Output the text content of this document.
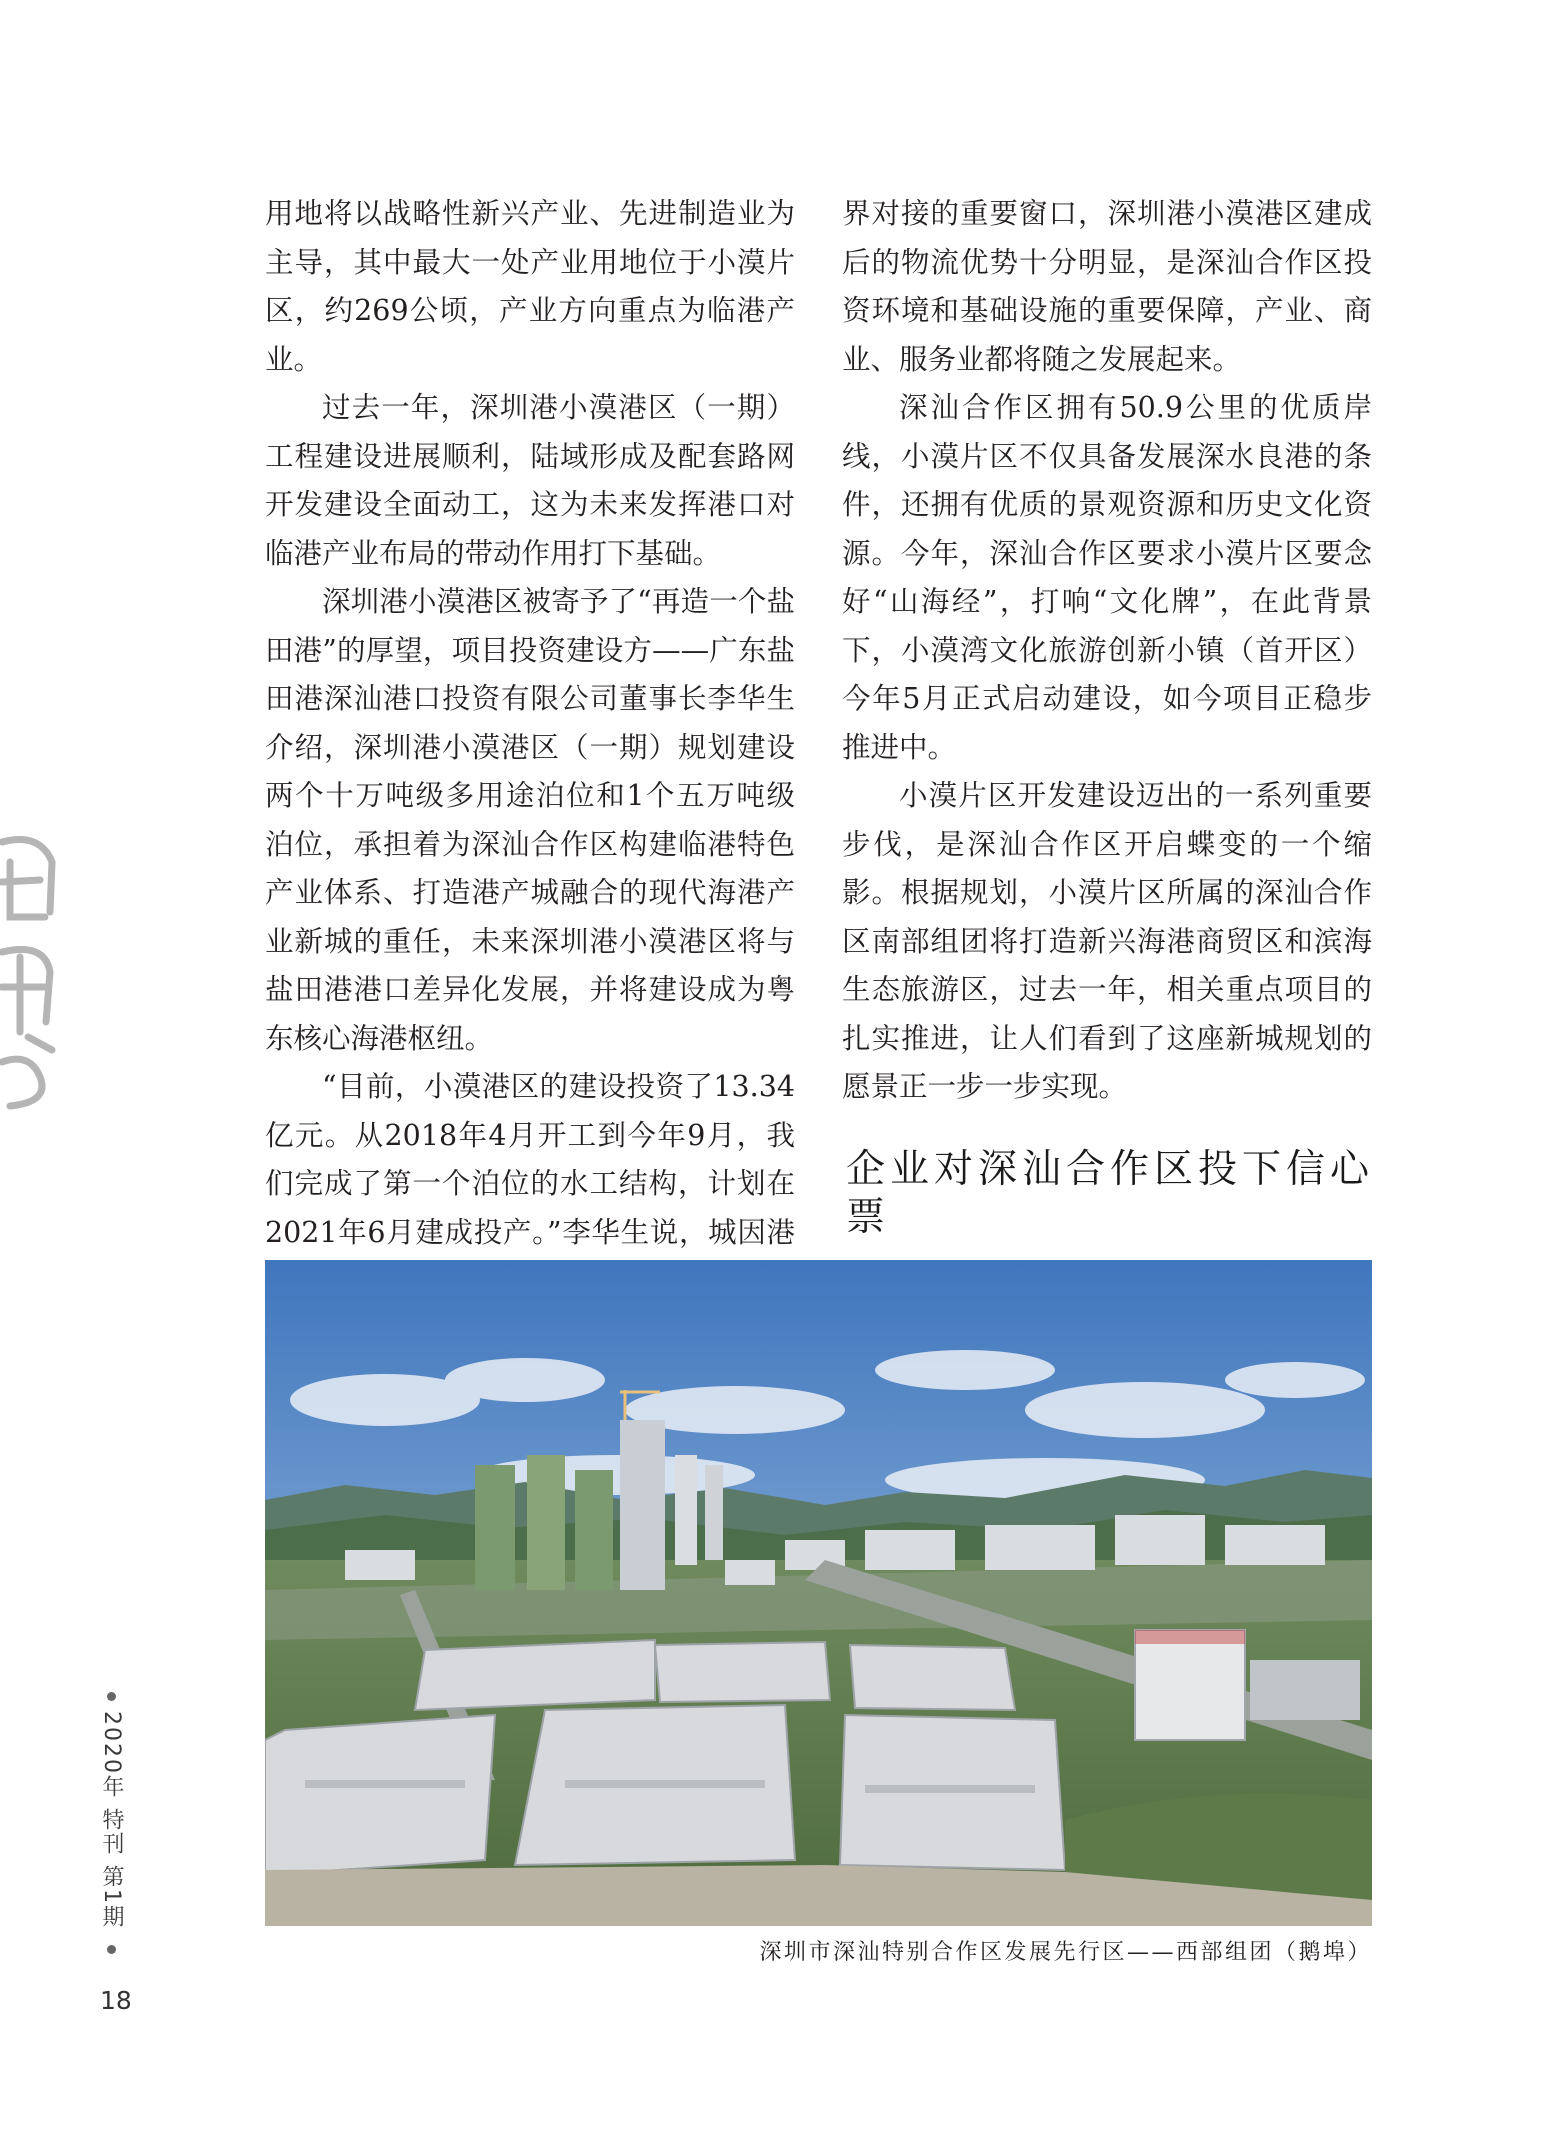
用地将以战略性新兴产业、先进制造业为主导，其中最大一处产业用地位于小漠片区，约269公顷，产业方向重点为临港产业。

过去一年，深圳港小漠港区（一期）工程建设进展顺利，陆域形成及配套路网开发建设全面动工，这为未来发挥港口对临港产业布局的带动作用打下基础。

深圳港小漠港区被寄予了“再造一个盐田港”的厚望，项目投资建设方——广东盐田港深汕港口投资有限公司董事长李华生介绍，深圳港小漠港区（一期）规划建设两个十万吨级多用途泊位和1个五万吨级泊位，承担着为深汕合作区构建临港特色产业体系、打造港产城融合的现代海港产业新城的重任，未来深圳港小漠港区将与盐田港港口差异化发展，并将建设成为粤东核心海港枢纽。

“目前，小漠港区的建设投资了13.34亿元。从2018年4月开工到今年9月，我们完成了第一个泊位的水工结构，计划在2021年6月建成投产。”李华生说，城因港

界对接的重要窗口，深圳港小漠港区建成后的物流优势十分明显，是深汕合作区投资环境和基础设施的重要保障，产业、商业、服务业都将随之发展起来。

深汕合作区拥有50.9公里的优质岸线，小漠片区不仅具备发展深水良港的条件，还拥有优质的景观资源和历史文化资源。今年，深汕合作区要求小漠片区要念好“山海经”，打响“文化牌”，在此背景下，小漠湾文化旅游创新小镇（首开区）今年5月正式启动建设，如今项目正稳步推进中。

小漠片区开发建设迈出的一系列重要步伐，是深汕合作区开启蝶变的一个缩影。根据规划，小漠片区所属的深汕合作区南部组团将打造新兴海港商贸区和滨海生态旅游区，过去一年，相关重点项目的扎实推进，让人们看到了这座新城规划的愿景正一步一步实现。

企业对深汕合作区投下信心票

深圳市深汕特别合作区发展先行区——西部组团（鹅埠）
2020年 特刊 第1期
18
